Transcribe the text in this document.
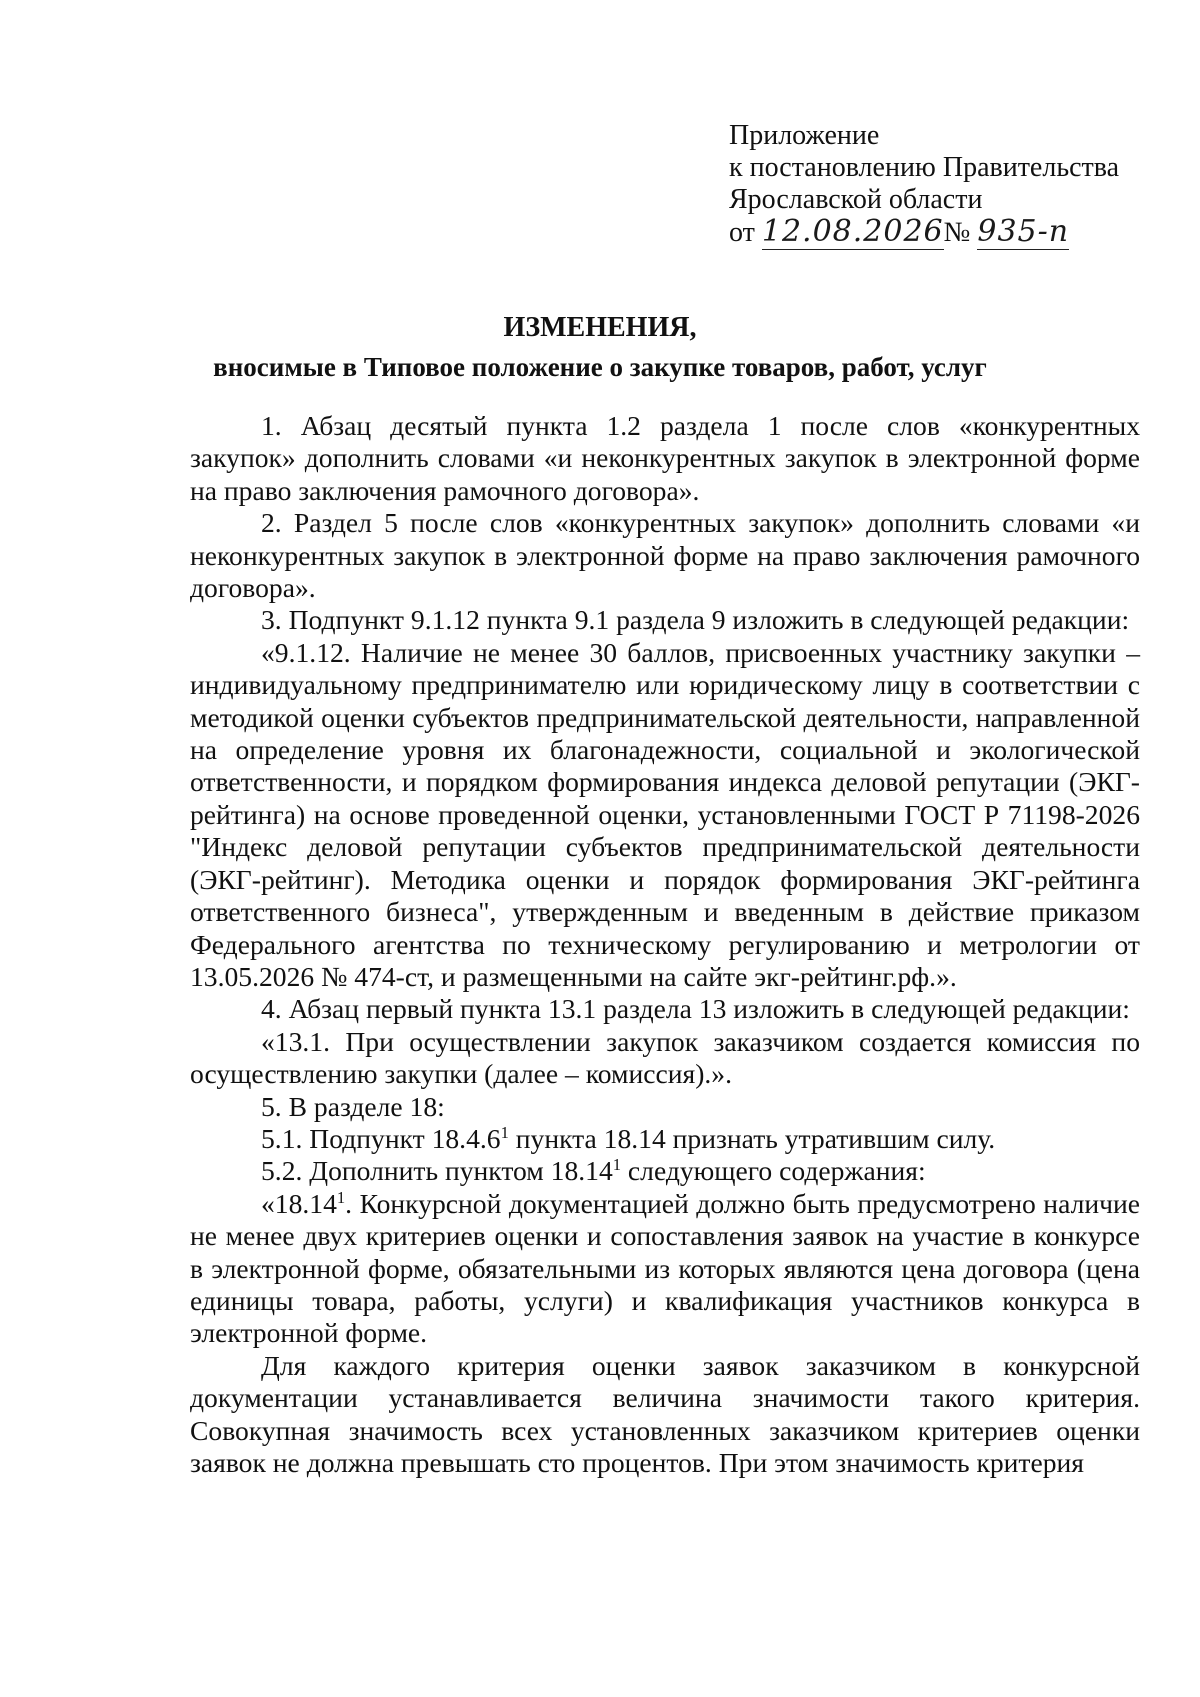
Приложение
к постановлению Правительства
Ярославской области
от 12.08.2026№ 935-п
ИЗМЕНЕНИЯ,
вносимые в Типовое положение о закупке товаров, работ, услуг

1. Абзац десятый пункта 1.2 раздела 1 после слов «конкурентных закупок» дополнить словами «и неконкурентных закупок в электронной форме на право заключения рамочного договора».

2. Раздел 5 после слов «конкурентных закупок» дополнить словами «и неконкурентных закупок в электронной форме на право заключения рамочного договора».

3. Подпункт 9.1.12 пункта 9.1 раздела 9 изложить в следующей редакции:

«9.1.12. Наличие не менее 30 баллов, присвоенных участнику закупки – индивидуальному предпринимателю или юридическому лицу в соответствии с методикой оценки субъектов предпринимательской деятельности, направленной на определение уровня их благонадежности, социальной и экологической ответственности, и порядком формирования индекса деловой репутации (ЭКГ-рейтинга) на основе проведенной оценки, установленными ГОСТ Р 71198-2026 "Индекс деловой репутации субъектов предпринимательской деятельности (ЭКГ-рейтинг). Методика оценки и порядок формирования ЭКГ-рейтинга ответственного бизнеса", утвержденным и введенным в действие приказом Федерального агентства по техническому регулированию и метрологии от 13.05.2026 № 474-ст, и размещенными на сайте экг-рейтинг.рф.».

4. Абзац первый пункта 13.1 раздела 13 изложить в следующей редакции:

«13.1. При осуществлении закупок заказчиком создается комиссия по осуществлению закупки (далее – комиссия).».

5. В разделе 18:

5.1. Подпункт 18.4.6$^1$ пункта 18.14 признать утратившим силу.

5.2. Дополнить пунктом 18.14$^1$ следующего содержания:

«18.14$^1$. Конкурсной документацией должно быть предусмотрено наличие не менее двух критериев оценки и сопоставления заявок на участие в конкурсе в электронной форме, обязательными из которых являются цена договора (цена единицы товара, работы, услуги) и квалификация участников конкурса в электронной форме.

Для каждого критерия оценки заявок заказчиком в конкурсной документации устанавливается величина значимости такого критерия. Совокупная значимость всех установленных заказчиком критериев оценки заявок не должна превышать сто процентов. При этом значимость критерия
